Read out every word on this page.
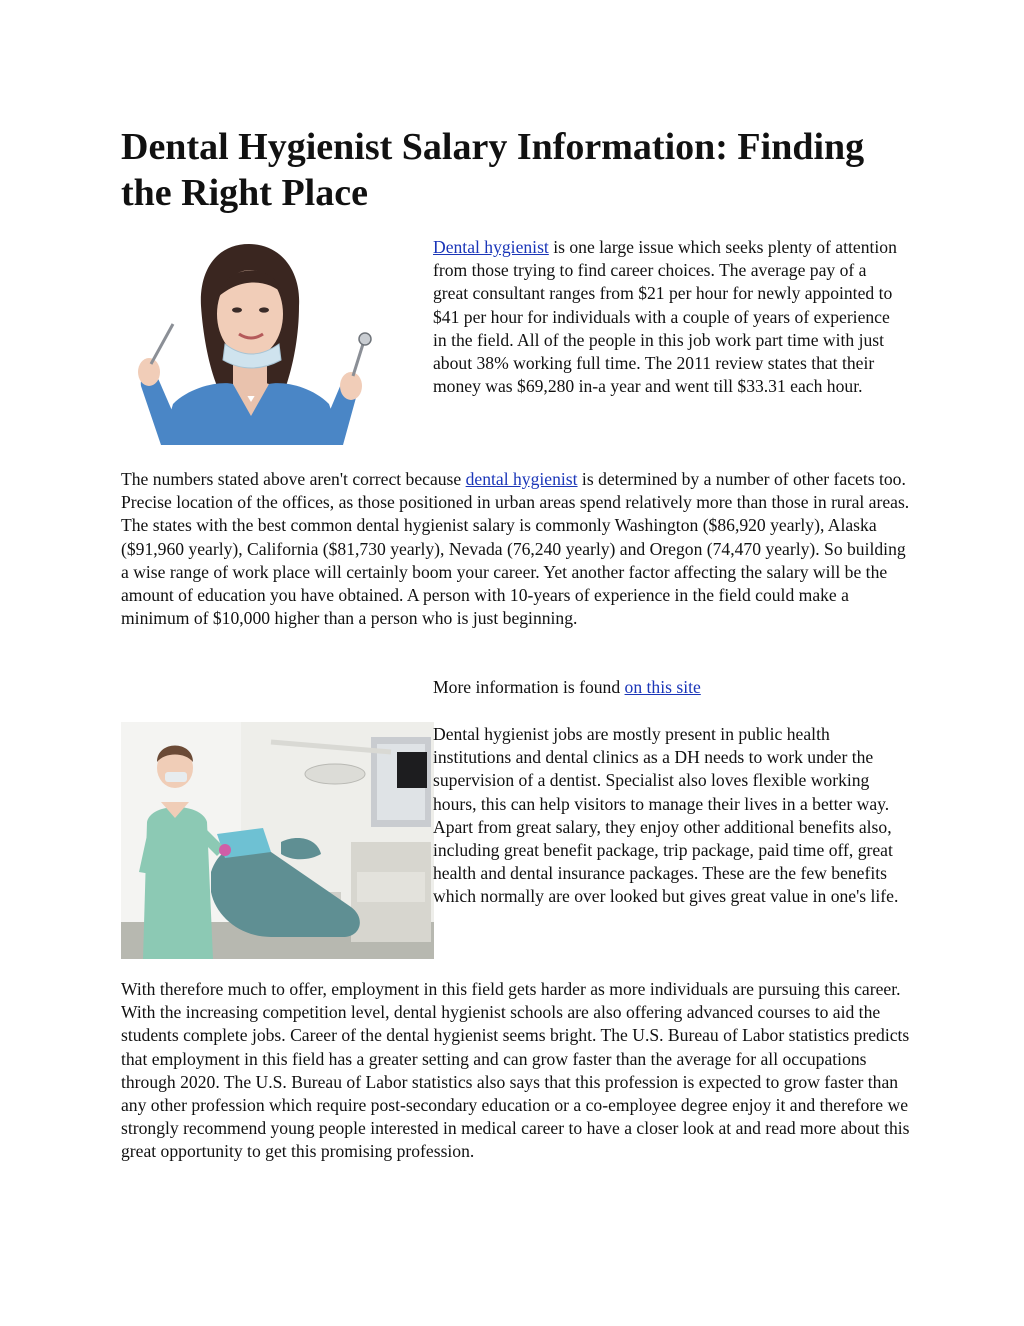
Dental Hygienist Salary Information: Finding the Right Place

Dental hygienist is one large issue which seeks plenty of attention from those trying to find career choices. The average pay of a great consultant ranges from $21 per hour for newly appointed to $41 per hour for individuals with a couple of years of experience in the field. All of the people in this job work part time with just about 38% working full time. The 2011 review states that their money was $69,280 in-a year and went till $33.31 each hour.

The numbers stated above aren't correct because dental hygienist is determined by a number of other facets too. Precise location of the offices, as those positioned in urban areas spend relatively more than those in rural areas. The states with the best common dental hygienist salary is commonly Washington ($86,920 yearly), Alaska ($91,960 yearly), California ($81,730 yearly), Nevada (76,240 yearly) and Oregon (74,470 yearly). So building a wise range of work place will certainly boom your career. Yet another factor affecting the salary will be the amount of education you have obtained. A person with 10-years of experience in the field could make a minimum of $10,000 higher than a person who is just beginning.

More information is found on this site

Dental hygienist jobs are mostly present in public health institutions and dental clinics as a DH needs to work under the supervision of a dentist. Specialist also loves flexible working hours, this can help visitors to manage their lives in a better way. Apart from great salary, they enjoy other additional benefits also, including great benefit package, trip package, paid time off, great health and dental insurance packages. These are the few benefits which normally are over looked but gives great value in one's life.

With therefore much to offer, employment in this field gets harder as more individuals are pursuing this career. With the increasing competition level, dental hygienist schools are also offering advanced courses to aid the students complete jobs. Career of the dental hygienist seems bright. The U.S. Bureau of Labor statistics predicts that employment in this field has a greater setting and can grow faster than the average for all occupations through 2020. The U.S. Bureau of Labor statistics also says that this profession is expected to grow faster than any other profession which require post-secondary education or a co-employee degree enjoy it and therefore we strongly recommend young people interested in medical career to have a closer look at and read more about this great opportunity to get this promising profession.
